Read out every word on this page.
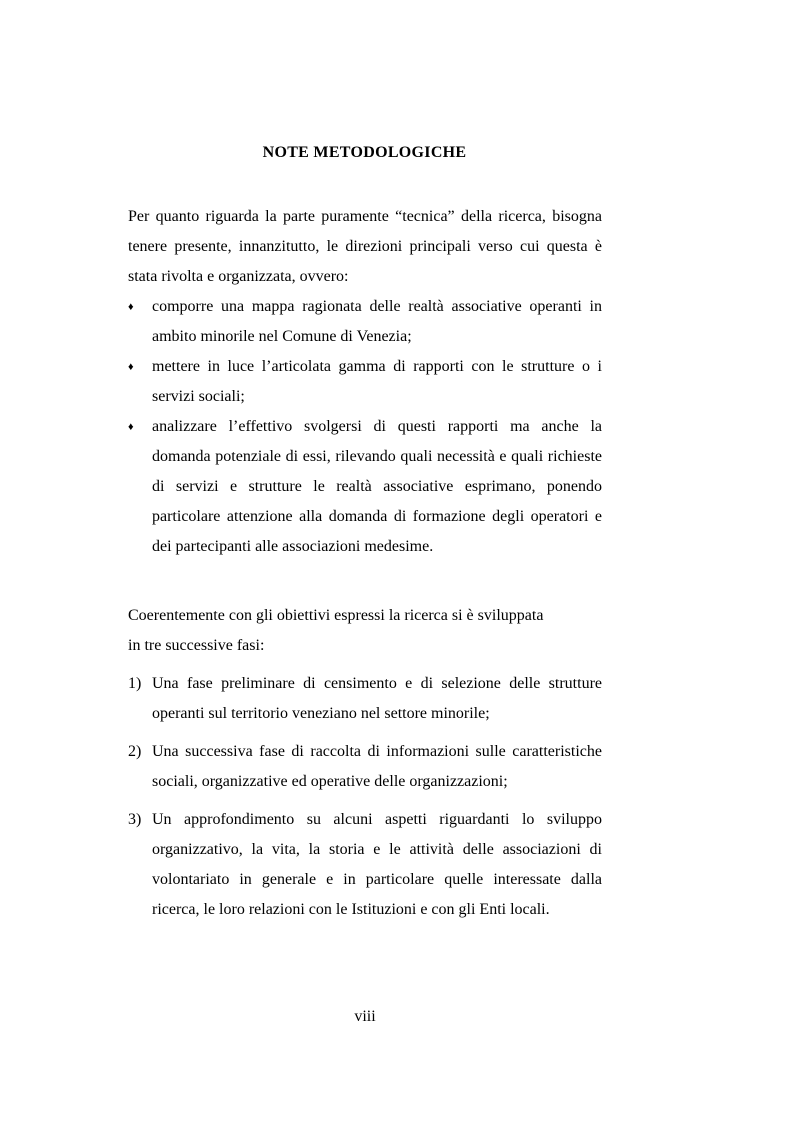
NOTE METODOLOGICHE

Per quanto riguarda la parte puramente “tecnica” della ricerca, bisogna tenere presente, innanzitutto, le direzioni principali verso cui questa è stata rivolta e organizzata, ovvero:

♦ comporre una mappa ragionata delle realtà associative operanti in ambito minorile nel Comune di Venezia;
♦ mettere in luce l’articolata gamma di rapporti con le strutture o i servizi sociali;
♦ analizzare l’effettivo svolgersi di questi rapporti ma anche la domanda potenziale di essi, rilevando quali necessità e quali richieste di servizi e strutture le realtà associative esprimano, ponendo particolare attenzione alla domanda di formazione degli operatori e dei partecipanti alle associazioni medesime.
Coerentemente con gli obiettivi espressi la ricerca si è sviluppata
in tre successive fasi:
1) Una fase preliminare di censimento e di selezione delle strutture operanti sul territorio veneziano nel settore minorile;
2) Una successiva fase di raccolta di informazioni sulle caratteristiche sociali, organizzative ed operative delle organizzazioni;
3) Un approfondimento su alcuni aspetti riguardanti lo sviluppo organizzativo, la vita, la storia e le attività delle associazioni di volontariato in generale e in particolare quelle interessate dalla ricerca, le loro relazioni con le Istituzioni e con gli Enti locali.
viii
